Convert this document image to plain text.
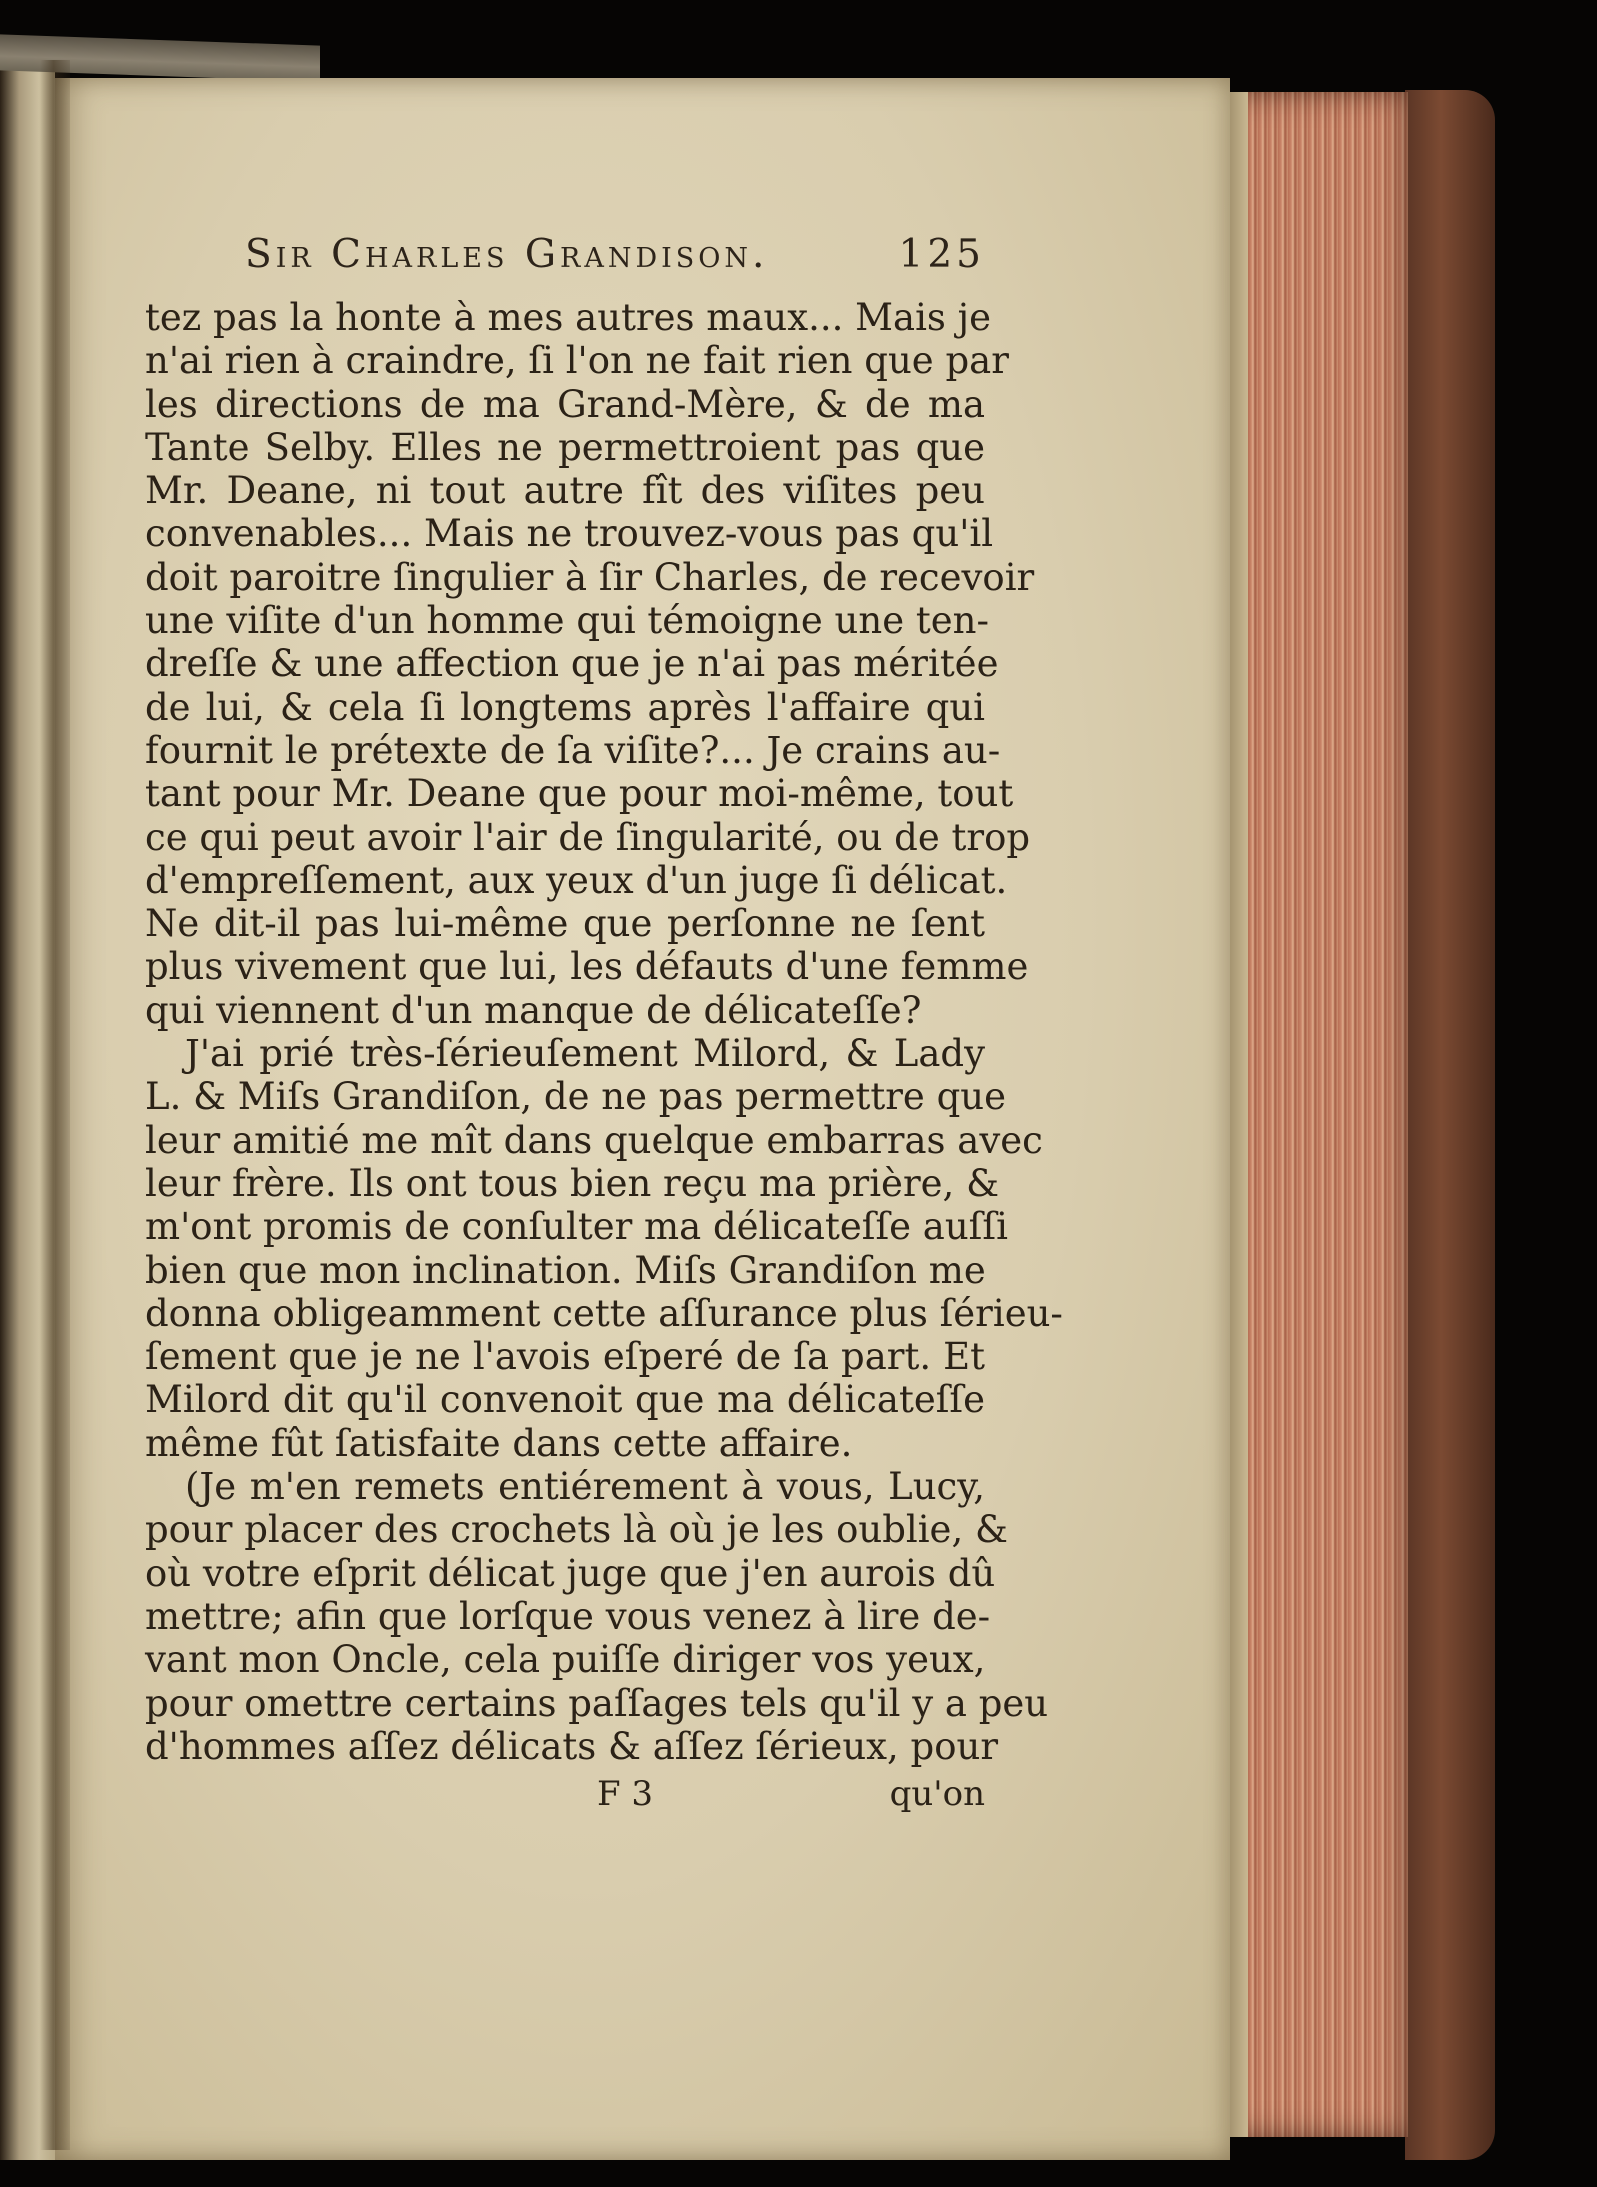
Sir Charles Grandison.	125
tez pas la honte à mes autres maux... Mais je
n'ai rien à craindre, ſi l'on ne fait rien que par
les directions de ma Grand-Mère, & de ma
Tante Selby. Elles ne permettroient pas que
Mr. Deane, ni tout autre fît des viſites peu
convenables... Mais ne trouvez-vous pas qu'il
doit paroitre ſingulier à ſir Charles, de recevoir
une viſite d'un homme qui témoigne une ten-
dreſſe & une affection que je n'ai pas méritée
de lui, & cela ſi longtems après l'affaire qui
fournit le prétexte de ſa viſite?... Je crains au-
tant pour Mr. Deane que pour moi-même, tout
ce qui peut avoir l'air de ſingularité, ou de trop
d'empreſſement, aux yeux d'un juge ſi délicat.
Ne dit-il pas lui-même que perſonne ne ſent
plus vivement que lui, les défauts d'une femme
qui viennent d'un manque de délicateſſe?
J'ai prié très-ſérieuſement Milord, & Lady
L. & Miſs Grandiſon, de ne pas permettre que
leur amitié me mît dans quelque embarras avec
leur frère. Ils ont tous bien reçu ma prière, &
m'ont promis de conſulter ma délicateſſe auſſi
bien que mon inclination. Miſs Grandiſon me
donna obligeamment cette aſſurance plus ſérieu-
ſement que je ne l'avois eſperé de ſa part. Et
Milord dit qu'il convenoit que ma délicateſſe
même fût ſatisfaite dans cette affaire.
(Je m'en remets entiérement à vous, Lucy,
pour placer des crochets là où je les oublie, &
où votre eſprit délicat juge que j'en aurois dû
mettre; afin que lorſque vous venez à lire de-
vant mon Oncle, cela puiſſe diriger vos yeux,
pour omettre certains paſſages tels qu'il y a peu
d'hommes aſſez délicats & aſſez ſérieux, pour
F 3	qu'on
